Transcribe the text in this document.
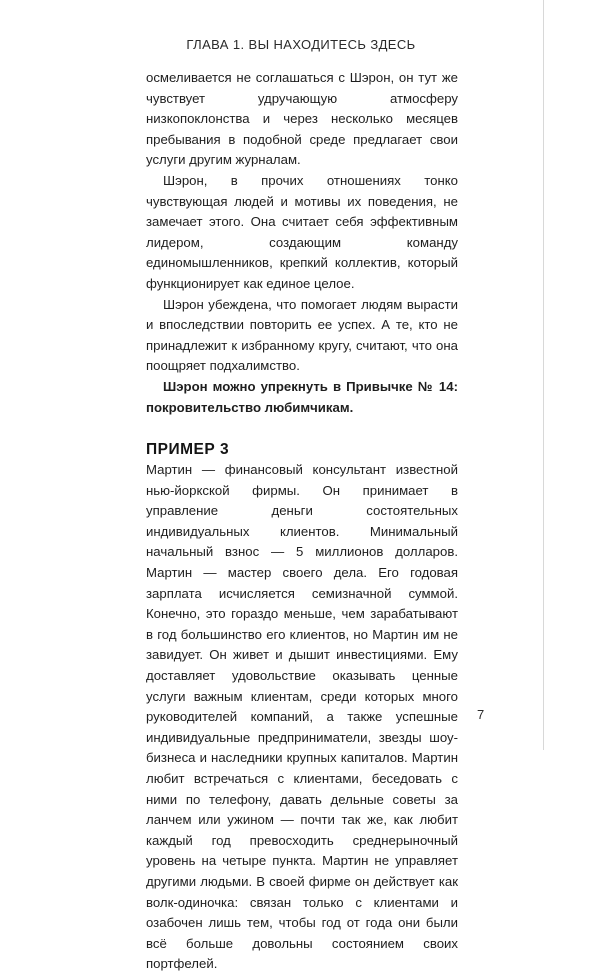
ГЛАВА 1. ВЫ НАХОДИТЕСЬ ЗДЕСЬ

осмеливается не соглашаться с Шэрон, он тут же чувствует удручающую атмосферу низкопоклонства и через несколько месяцев пребывания в подобной среде предлагает свои услуги другим журналам.

Шэрон, в прочих отношениях тонко чувствующая людей и мотивы их поведения, не замечает этого. Она считает себя эффективным лидером, создающим команду единомышленников, крепкий коллектив, который функционирует как единое целое.

Шэрон убеждена, что помогает людям вырасти и впоследствии повторить ее успех. А те, кто не принадлежит к избранному кругу, считают, что она поощряет подхалимство.

Шэрон можно упрекнуть в Привычке № 14: покровительство любимчикам.

ПРИМЕР 3

Мартин — финансовый консультант известной нью-йоркской фирмы. Он принимает в управление деньги состоятельных индивидуальных клиентов. Минимальный начальный взнос — 5 миллионов долларов. Мартин — мастер своего дела. Его годовая зарплата исчисляется семизначной суммой. Конечно, это гораздо меньше, чем зарабатывают в год большинство его клиентов, но Мартин им не завидует. Он живет и дышит инвестициями. Ему доставляет удовольствие оказывать ценные услуги важным клиентам, среди которых много руководителей компаний, а также успешные индивидуальные предприниматели, звезды шоу-бизнеса и наследники крупных капиталов. Мартин любит встречаться с клиентами, беседовать с ними по телефону, давать дельные советы за ланчем или ужином — почти так же, как любит каждый год превосходить среднерыночный уровень на четыре пункта. Мартин не управляет другими людьми. В своей фирме он действует как волк-одиночка: связан только с клиентами и озабочен лишь тем, чтобы год от года они были всё больше довольны состоянием своих портфелей.

7
